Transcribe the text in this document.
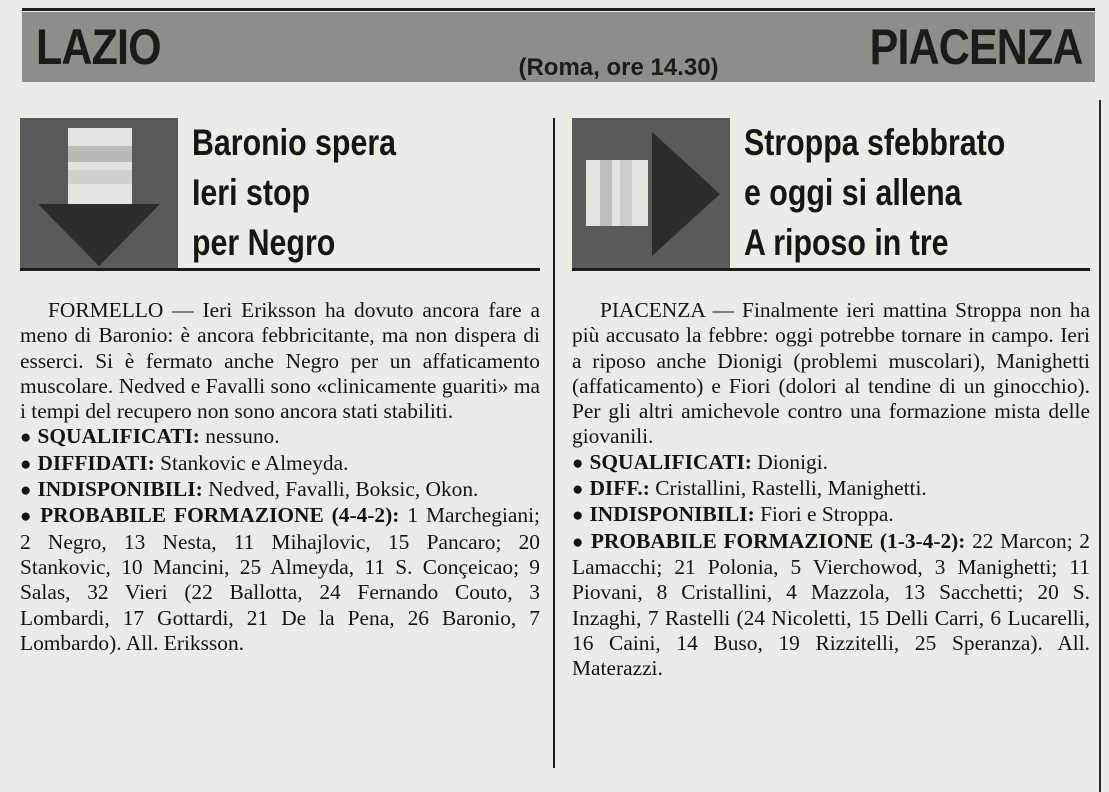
LAZIO	(Roma, ore 14.30)	PIACENZA
Baronio spera
Ieri stop
per Negro

FORMELLO — Ieri Eriksson ha dovuto ancora fare a meno di Baronio: è ancora febbricitante, ma non dispera di esserci. Si è fermato anche Negro per un affaticamento muscolare. Nedved e Favalli sono «clinicamente guariti» ma i tempi del recupero non sono ancora stati stabiliti.

● SQUALIFICATI: nessuno.

● DIFFIDATI: Stankovic e Almeyda.

● INDISPONIBILI: Nedved, Favalli, Boksic, Okon.

● PROBABILE FORMAZIONE (4-4-2): 1 Marchegiani; 2 Negro, 13 Nesta, 11 Mihajlovic, 15 Pancaro; 20 Stankovic, 10 Mancini, 25 Almeyda, 11 S. Conçeicao; 9 Salas, 32 Vieri (22 Ballotta, 24 Fernando Couto, 3 Lombardi, 17 Gottardi, 21 De la Pena, 26 Baronio, 7 Lombardo). All. Eriksson.

Stroppa sfebbrato
e oggi si allena
A riposo in tre

PIACENZA — Finalmente ieri mattina Stroppa non ha più accusato la febbre: oggi potrebbe tornare in campo. Ieri a riposo anche Dionigi (problemi muscolari), Manighetti (affaticamento) e Fiori (dolori al tendine di un ginocchio). Per gli altri amichevole contro una formazione mista delle giovanili.

● SQUALIFICATI: Dionigi.

● DIFF.: Cristallini, Rastelli, Manighetti.

● INDISPONIBILI: Fiori e Stroppa.

● PROBABILE FORMAZIONE (1-3-4-2): 22 Marcon; 2 Lamacchi; 21 Polonia, 5 Vierchowod, 3 Manighetti; 11 Piovani, 8 Cristallini, 4 Mazzola, 13 Sacchetti; 20 S. Inzaghi, 7 Rastelli (24 Nicoletti, 15 Delli Carri, 6 Lucarelli, 16 Caini, 14 Buso, 19 Rizzitelli, 25 Speranza). All. Materazzi.
